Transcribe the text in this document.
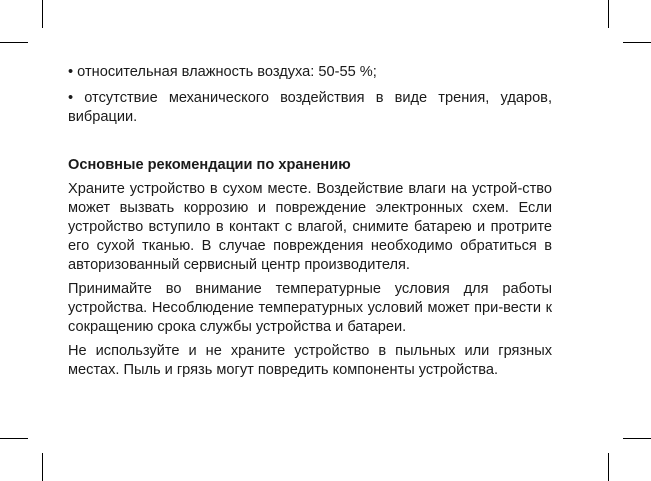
• относительная влажность воздуха: 50-55 %;

• отсутствие механического воздействия в виде трения, ударов, вибрации.

Основные рекомендации по хранению

Храните устройство в сухом месте. Воздействие влаги на устрой-ство может вызвать коррозию и повреждение электронных схем. Если устройство вступило в контакт с влагой, снимите батарею и протрите его сухой тканью. В случае повреждения необходимо обратиться в авторизованный сервисный центр производителя.

Принимайте во внимание температурные условия для работы устройства. Несоблюдение температурных условий может при-вести к сокращению срока службы устройства и батареи.

Не используйте и не храните устройство в пыльных или грязных местах. Пыль и грязь могут повредить компоненты устройства.
